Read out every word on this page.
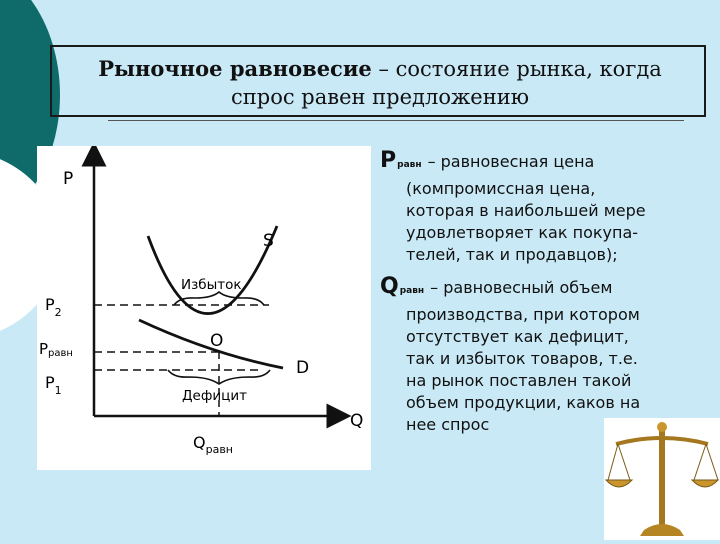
Рыночное равновесие – состояние рынка, когда
спрос равен предложению
P
Q
S
D
O
Избыток
Дефицит
$P_2$
Pравн
$P_1$
$Q_{равн}$
P равн – равновесная цена
(компромиссная цена,
которая в наибольшей мере
удовлетворяет как покупа-
телей, так и продавцов);
Q равн – равновесный объем
производства, при котором
отсутствует как дефицит,
так и избыток товаров, т.е.
на рынок поставлен такой
объем продукции, каков на
нее спрос
